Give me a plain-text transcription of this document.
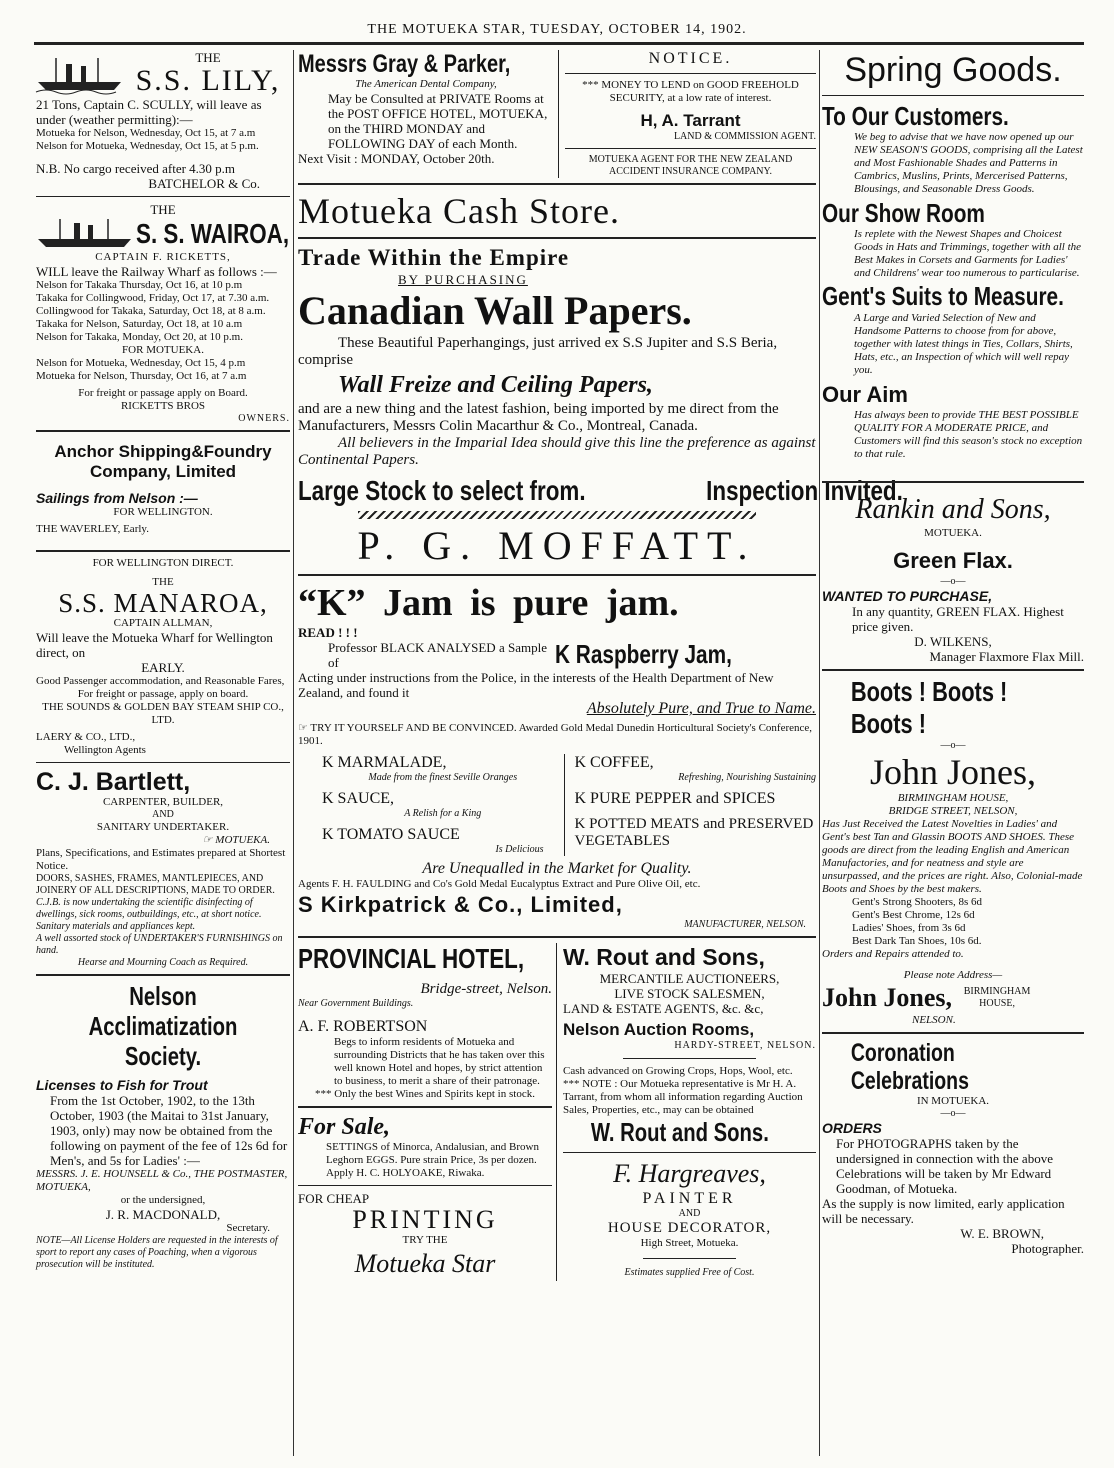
THE MOTUEKA STAR, TUESDAY, OCTOBER 14, 1902.
THE
S.S. LILY,

21 Tons, Captain C. SCULLY, will leave as under (weather permitting):—

Motueka for Nelson, Wednesday, Oct 15, at 7 a.m

Nelson for Motueka, Wednesday, Oct 15, at 5 p.m.

N.B. No cargo received after 4.30 p.m

BATCHELOR & Co.

THE
S. S. WAIROA,
CAPTAIN F. RICKETTS,

WILL leave the Railway Wharf as follows :—

Nelson for Takaka Thursday, Oct 16, at 10 p.m

Takaka for Collingwood, Friday, Oct 17, at 7.30 a.m.

Collingwood for Takaka, Saturday, Oct 18, at 8 a.m.

Takaka for Nelson, Saturday, Oct 18, at 10 a.m

Nelson for Takaka, Monday, Oct 20, at 10 p.m.

FOR MOTUEKA.

Nelson for Motueka, Wednesday, Oct 15, 4 p.m

Motueka for Nelson, Thursday, Oct 16, at 7 a.m

For freight or passage apply on Board.

RICKETTS BROS

OWNERS.

Anchor Shipping&Foundry Company, Limited

Sailings from Nelson :—

FOR WELLINGTON.

THE WAVERLEY, Early.

FOR WELLINGTON DIRECT.

THE

S.S. MANAROA,

CAPTAIN ALLMAN,

Will leave the Motueka Wharf for Wellington direct, on

EARLY.

Good Passenger accommodation, and Reasonable Fares,

For freight or passage, apply on board.

THE SOUNDS & GOLDEN BAY STEAM SHIP CO., LTD.

LAERY & CO., LTD.,

Wellington Agents

C. J. Bartlett,

CARPENTER, BUILDER,

AND

SANITARY UNDERTAKER.

☞ MOTUEKA.

Plans, Specifications, and Estimates prepared at Shortest Notice.

DOORS, SASHES, FRAMES, MANTLEPIECES, AND JOINERY OF ALL DESCRIPTIONS, MADE TO ORDER.

C.J.B. is now undertaking the scientific disinfecting of dwellings, sick rooms, outbuildings, etc., at short notice. Sanitary materials and appliances kept.

A well assorted stock of UNDERTAKER'S FURNISHINGS on hand.

Hearse and Mourning Coach as Required.

Nelson Acclimatization
Society.

Licenses to Fish for Trout

From the 1st October, 1902, to the 13th October, 1903 (the Maitai to 31st January, 1903, only) may now be obtained from the following on payment of the fee of 12s 6d for Men's, and 5s for Ladies' :—

MESSRS. J. E. HOUNSELL & Co., THE POSTMASTER, MOTUEKA,

or the undersigned,

J. R. MACDONALD,

Secretary.

NOTE—All License Holders are requested in the interests of sport to report any cases of Poaching, when a vigorous prosecution will be instituted.

Messrs Gray & Parker,

The American Dental Company,

May be Consulted at PRIVATE Rooms at the POST OFFICE HOTEL, MOTUEKA, on the THIRD MONDAY and FOLLOWING DAY of each Month.

Next Visit : MONDAY, October 20th.

NOTICE.

*** MONEY TO LEND on GOOD FREEHOLD SECURITY, at a low rate of interest.

H, A. Tarrant

LAND & COMMISSION AGENT.

MOTUEKA AGENT FOR THE NEW ZEALAND ACCIDENT INSURANCE COMPANY.

Motueka Cash Store.
Trade Within the Empire

BY PURCHASING

Canadian Wall Papers.

These Beautiful Paperhangings, just arrived ex S.S Jupiter and S.S Beria, comprise

Wall Freize and Ceiling Papers,

and are a new thing and the latest fashion, being imported by me direct from the Manufacturers, Messrs Colin Macarthur & Co., Montreal, Canada.

All believers in the Imparial Idea should give this line the preference as against Continental Papers.

Large Stock to select from.	Inspection Invited.
P. G. MOFFATT.
“K” Jam is pure jam.

READ ! ! !

Professor BLACK ANALYSED a Sample of	K Raspberry Jam,

Acting under instructions from the Police, in the interests of the Health Department of New Zealand, and found it

Absolutely Pure, and True to Name.

☞ TRY IT YOURSELF AND BE CONVINCED. Awarded Gold Medal Dunedin Horticultural Society's Conference, 1901.

K MARMALADE,

Made from the finest Seville Oranges

K SAUCE,

A Relish for a King

K TOMATO SAUCE

Is Delicious

K COFFEE,

Refreshing, Nourishing Sustaining

K PURE PEPPER and SPICES

K POTTED MEATS and PRESERVED VEGETABLES

Are Unequalled in the Market for Quality.

Agents F. H. FAULDING and Co's Gold Medal Eucalyptus Extract and Pure Olive Oil, etc.

S Kirkpatrick & Co., Limited,

MANUFACTURER, NELSON.

PROVINCIAL HOTEL,

Bridge-street, Nelson.

Near Government Buildings.

A. F. ROBERTSON

Begs to inform residents of Motueka and surrounding Districts that he has taken over this well known Hotel and hopes, by strict attention to business, to merit a share of their patronage.

*** Only the best Wines and Spirits kept in stock.

For Sale,

SETTINGS of Minorca, Andalusian, and Brown Leghorn EGGS. Pure strain Price, 3s per dozen. Apply H. C. HOLYOAKE, Riwaka.

FOR CHEAP

PRINTING

TRY THE

Motueka Star

W. Rout and Sons,

MERCANTILE AUCTIONEERS,

LIVE STOCK SALESMEN,

LAND & ESTATE AGENTS, &c. &c,

Nelson Auction Rooms,

HARDY-STREET, NELSON.

Cash advanced on Growing Crops, Hops, Wool, etc.

*** NOTE : Our Motueka representative is Mr H. A. Tarrant, from whom all information regarding Auction Sales, Properties, etc., may can be obtained

W. Rout and Sons.
F. Hargreaves,

PAINTER

AND

HOUSE DECORATOR,

High Street, Motueka.

Estimates supplied Free of Cost.

Spring Goods.
To Our Customers.

We beg to advise that we have now opened up our NEW SEASON'S GOODS, comprising all the Latest and Most Fashionable Shades and Patterns in Cambrics, Muslins, Prints, Mercerised Patterns, Blousings, and Seasonable Dress Goods.

Our Show Room

Is replete with the Newest Shapes and Choicest Goods in Hats and Trimmings, together with all the Best Makes in Corsets and Garments for Ladies' and Childrens' wear too numerous to particularise.

Gent's Suits to Measure.

A Large and Varied Selection of New and Handsome Patterns to choose from for above, together with latest things in Ties, Collars, Shirts, Hats, etc., an Inspection of which will well repay you.

Our Aim

Has always been to provide THE BEST POSSIBLE QUALITY FOR A MODERATE PRICE, and Customers will find this season's stock no exception to that rule.

Rankin and Sons,

MOTUEKA.

Green Flax.

—o—

WANTED TO PURCHASE,

In any quantity, GREEN FLAX. Highest price given.

D. WILKENS,

Manager Flaxmore Flax Mill.

Boots ! Boots ! Boots !

—o—

John Jones,

BIRMINGHAM HOUSE,

BRIDGE STREET, NELSON,

Has Just Received the Latest Novelties in Ladies' and Gent's best Tan and Glassin BOOTS AND SHOES. These goods are direct from the leading English and American Manufactories, and for neatness and style are unsurpassed, and the prices are right. Also, Colonial-made Boots and Shoes by the best makers.

Gent's Strong Shooters, 8s 6d

Gent's Best Chrome, 12s 6d

Ladies' Shoes, from 3s 6d

Best Dark Tan Shoes, 10s 6d.

Orders and Repairs attended to.

Please note Address—

John Jones,	BIRMINGHAM HOUSE,

NELSON.

Coronation Celebrations

IN MOTUEKA.

—o—

ORDERS

For PHOTOGRAPHS taken by the undersigned in connection with the above Celebrations will be taken by Mr Edward Goodman, of Motueka.

As the supply is now limited, early application will be necessary.

W. E. BROWN,

Photographer.
